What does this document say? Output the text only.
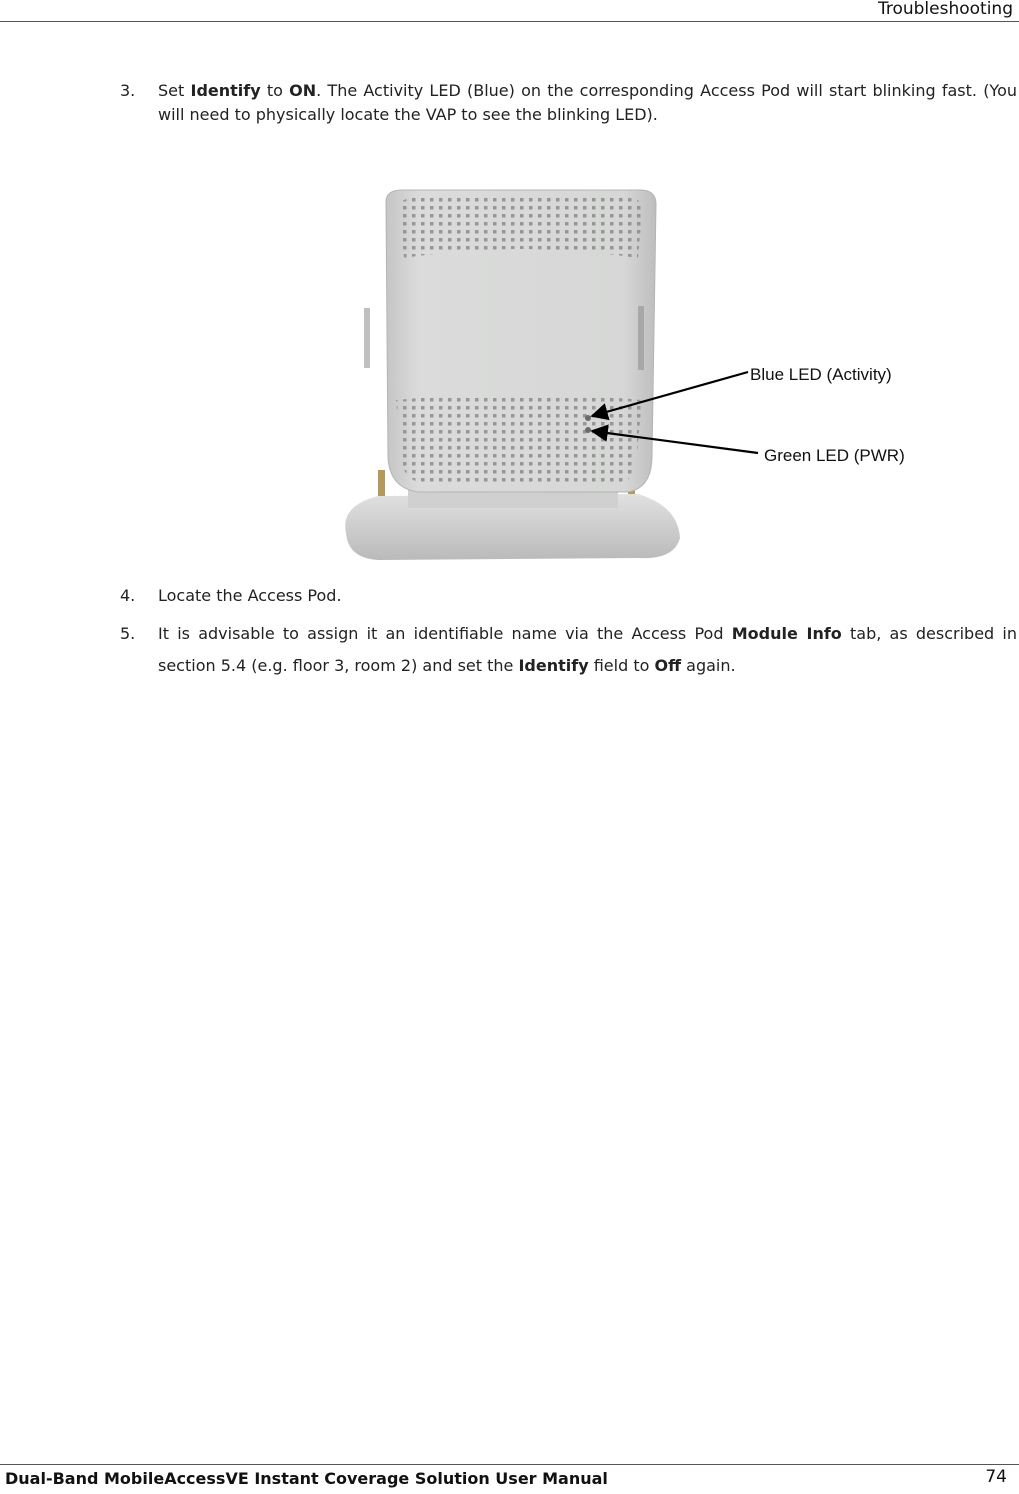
Troubleshooting
3. Set Identify to ON. The Activity LED (Blue) on the corresponding Access Pod will start blinking fast. (You will need to physically locate the VAP to see the blinking LED).
Blue LED (Activity)
Green LED (PWR)
4. Locate the Access Pod.
5. It is advisable to assign it an identifiable name via the Access Pod Module Info tab, as described in section 5.4 (e.g. floor 3, room 2) and set the Identify field to Off again.
Dual-Band MobileAccessVE Instant Coverage Solution User Manual	74
